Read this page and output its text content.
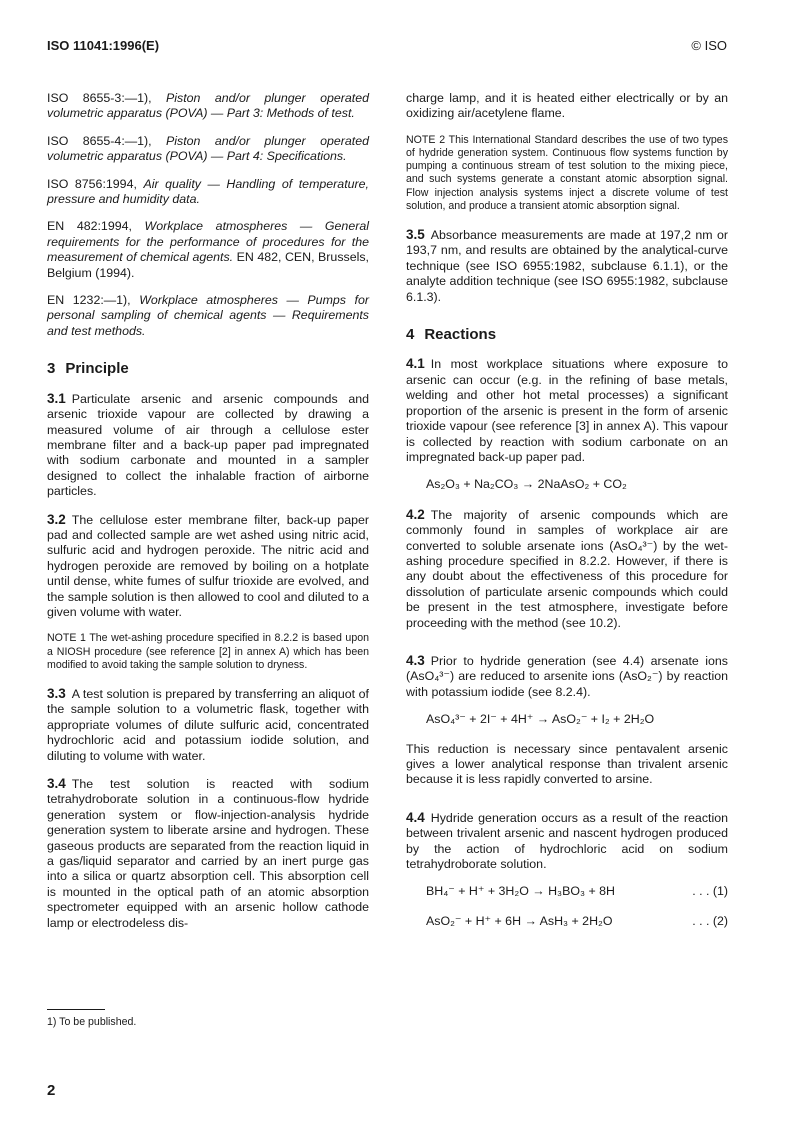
ISO 11041:1996(E)	© ISO

ISO 8655-3:—1), Piston and/or plunger operated volumetric apparatus (POVA) — Part 3: Methods of test.

ISO 8655-4:—1), Piston and/or plunger operated volumetric apparatus (POVA) — Part 4: Specifications.

ISO 8756:1994, Air quality — Handling of temperature, pressure and humidity data.

EN 482:1994, Workplace atmospheres — General requirements for the performance of procedures for the measurement of chemical agents. EN 482, CEN, Brussels, Belgium (1994).

EN 1232:—1), Workplace atmospheres — Pumps for personal sampling of chemical agents — Requirements and test methods.

3 Principle

3.1 Particulate arsenic and arsenic compounds and arsenic trioxide vapour are collected by drawing a measured volume of air through a cellulose ester membrane filter and a back-up paper pad impregnated with sodium carbonate and mounted in a sampler designed to collect the inhalable fraction of airborne particles.

3.2 The cellulose ester membrane filter, back-up paper pad and collected sample are wet ashed using nitric acid, sulfuric acid and hydrogen peroxide. The nitric acid and hydrogen peroxide are removed by boiling on a hotplate until dense, white fumes of sulfur trioxide are evolved, and the sample solution is then allowed to cool and diluted to a given volume with water.

NOTE 1 The wet-ashing procedure specified in 8.2.2 is based upon a NIOSH procedure (see reference [2] in annex A) which has been modified to avoid taking the sample solution to dryness.

3.3 A test solution is prepared by transferring an aliquot of the sample solution to a volumetric flask, together with appropriate volumes of dilute sulfuric acid, concentrated hydrochloric acid and potassium iodide solution, and diluting to volume with water.

3.4 The test solution is reacted with sodium tetrahydroborate solution in a continuous-flow hydride generation system or flow-injection-analysis hydride generation system to liberate arsine and hydrogen. These gaseous products are separated from the reaction liquid in a gas/liquid separator and carried by an inert purge gas into a silica or quartz absorption cell. This absorption cell is mounted in the optical path of an atomic absorption spectrometer equipped with an arsenic hollow cathode lamp or electrodeless dis-

charge lamp, and it is heated either electrically or by an oxidizing air/acetylene flame.

NOTE 2 This International Standard describes the use of two types of hydride generation system. Continuous flow systems function by pumping a continuous stream of test solution to the mixing piece, and such systems generate a constant atomic absorption signal. Flow injection analysis systems inject a discrete volume of test solution, and produce a transient atomic absorption signal.

3.5 Absorbance measurements are made at 197,2 nm or 193,7 nm, and results are obtained by the analytical-curve technique (see ISO 6955:1982, subclause 6.1.1), or the analyte addition technique (see ISO 6955:1982, subclause 6.1.3).

4 Reactions

4.1 In most workplace situations where exposure to arsenic can occur (e.g. in the refining of base metals, welding and other hot metal processes) a significant proportion of the arsenic is present in the form of arsenic trioxide vapour (see reference [3] in annex A). This vapour is collected by reaction with sodium carbonate on an impregnated back-up paper pad.

As₂O₃ + Na₂CO₃ → 2NaAsO₂ + CO₂

4.2 The majority of arsenic compounds which are commonly found in samples of workplace air are converted to soluble arsenate ions (AsO₄³⁻) by the wet-ashing procedure specified in 8.2.2. However, if there is any doubt about the effectiveness of this procedure for dissolution of particulate arsenic compounds which could be present in the test atmosphere, investigate before proceeding with the method (see 10.2).

4.3 Prior to hydride generation (see 4.4) arsenate ions (AsO₄³⁻) are reduced to arsenite ions (AsO₂⁻) by reaction with potassium iodide (see 8.2.4).

AsO₄³⁻ + 2I⁻ + 4H⁺ → AsO₂⁻ + I₂ + 2H₂O

This reduction is necessary since pentavalent arsenic gives a lower analytical response than trivalent arsenic because it is less rapidly converted to arsine.

4.4 Hydride generation occurs as a result of the reaction between trivalent arsenic and nascent hydrogen produced by the action of hydrochloric acid on sodium tetrahydroborate solution.

BH₄⁻ + H⁺ + 3H₂O → H₃BO₃ + 8H	. . . (1)
AsO₂⁻ + H⁺ + 6H → AsH₃ + 2H₂O	. . . (2)
1) To be published.
2
